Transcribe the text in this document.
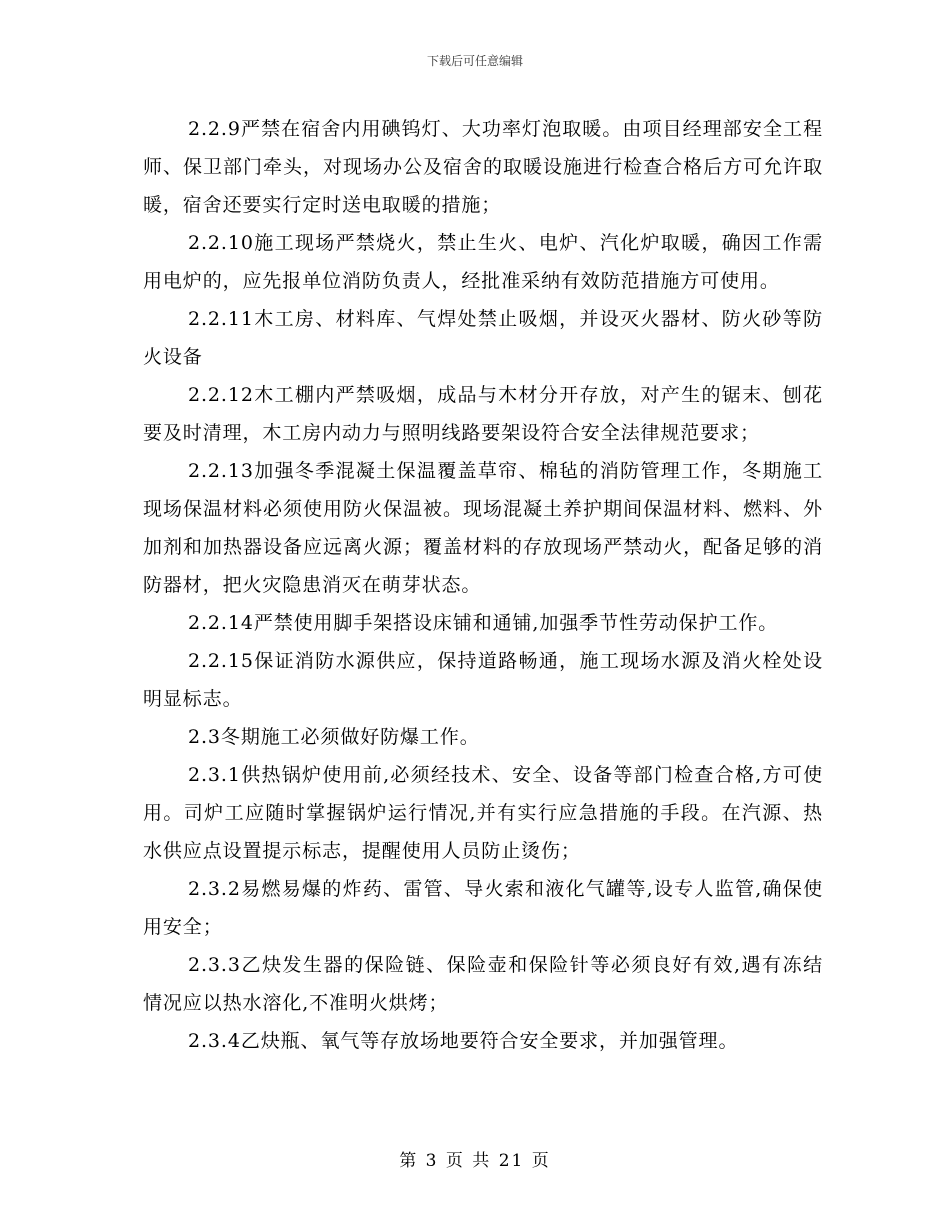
下载后可任意编辑

2.2.9严禁在宿舍内用碘钨灯、大功率灯泡取暖。由项目经理部安全工程师、保卫部门牵头，对现场办公及宿舍的取暖设施进行检查合格后方可允许取暖，宿舍还要实行定时送电取暖的措施；

2.2.10施工现场严禁烧火，禁止生火、电炉、汽化炉取暖，确因工作需用电炉的，应先报单位消防负责人，经批准采纳有效防范措施方可使用。

2.2.11木工房、材料库、气焊处禁止吸烟，并设灭火器材、防火砂等防火设备

2.2.12木工棚内严禁吸烟，成品与木材分开存放，对产生的锯末、刨花要及时清理，木工房内动力与照明线路要架设符合安全法律规范要求；

2.2.13加强冬季混凝土保温覆盖草帘、棉毡的消防管理工作，冬期施工现场保温材料必须使用防火保温被。现场混凝土养护期间保温材料、燃料、外加剂和加热器设备应远离火源；覆盖材料的存放现场严禁动火，配备足够的消防器材，把火灾隐患消灭在萌芽状态。

2.2.14严禁使用脚手架搭设床铺和通铺,加强季节性劳动保护工作。

2.2.15保证消防水源供应，保持道路畅通，施工现场水源及消火栓处设明显标志。

2.3冬期施工必须做好防爆工作。

2.3.1供热锅炉使用前,必须经技术、安全、设备等部门检查合格,方可使用。司炉工应随时掌握锅炉运行情况,并有实行应急措施的手段。在汽源、热水供应点设置提示标志，提醒使用人员防止烫伤；

2.3.2易燃易爆的炸药、雷管、导火索和液化气罐等,设专人监管,确保使用安全；

2.3.3乙炔发生器的保险链、保险壶和保险针等必须良好有效,遇有冻结情况应以热水溶化,不准明火烘烤；

2.3.4乙炔瓶、氧气等存放场地要符合安全要求，并加强管理。

第 3 页 共 21 页
